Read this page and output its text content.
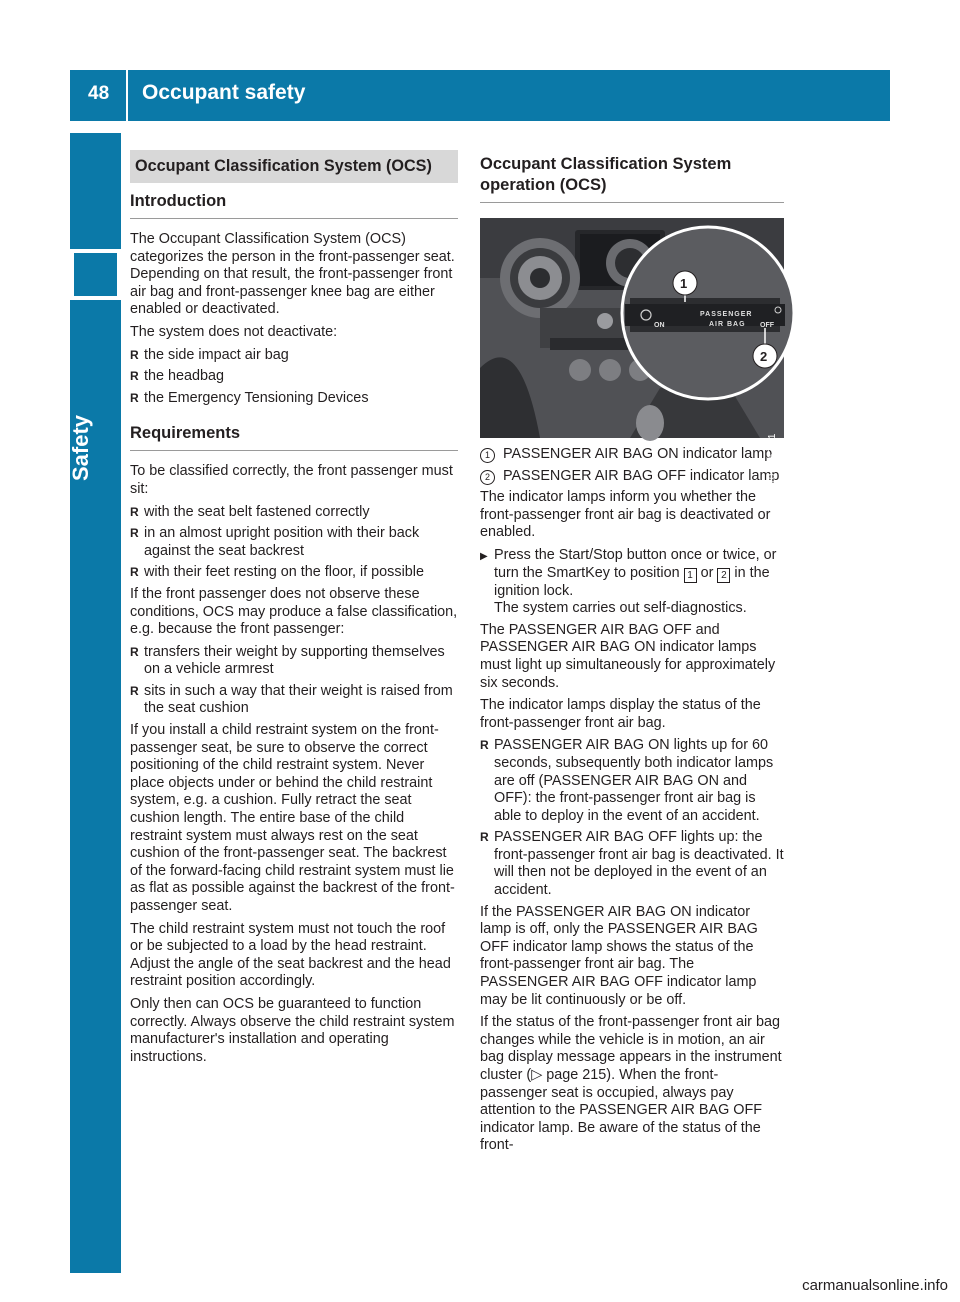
48 Occupant safety
Safety
Occupant Classification System (OCS)
Introduction

The Occupant Classification System (OCS) categorizes the person in the front-passenger seat. Depending on that result, the front-passenger front air bag and front-passenger knee bag are either enabled or deactivated.

The system does not deactivate:

R the side impact air bag
R the headbag
R the Emergency Tensioning Devices
Requirements

To be classified correctly, the front passenger must sit:

R with the seat belt fastened correctly
R in an almost upright position with their back against the seat backrest
R with their feet resting on the floor, if possible

If the front passenger does not observe these conditions, OCS may produce a false classification, e.g. because the front passenger:

R transfers their weight by supporting themselves on a vehicle armrest
R sits in such a way that their weight is raised from the seat cushion

If you install a child restraint system on the front-passenger seat, be sure to observe the correct positioning of the child restraint system. Never place objects under or behind the child restraint system, e.g. a cushion. Fully retract the seat cushion length. The entire base of the child restraint system must always rest on the seat cushion of the front-passenger seat. The backrest of the forward-facing child restraint system must lie as flat as possible against the backrest of the front-passenger seat.

The child restraint system must not touch the roof or be subjected to a load by the head restraint. Adjust the angle of the seat backrest and the head restraint position accordingly.

Only then can OCS be guaranteed to function correctly. Always observe the child restraint system manufacturer's installation and operating instructions.

Occupant Classification System operation (OCS)
1
2
ON
PASSENGER
AIR BAG OFF
P68.10-4862-31
1 PASSENGER AIR BAG ON indicator lamp
2 PASSENGER AIR BAG OFF indicator lamp

The indicator lamps inform you whether the front-passenger front air bag is deactivated or enabled.

▶ Press the Start/Stop button once or twice, or turn the SmartKey to position 1 or 2 in the ignition lock.
The system carries out self-diagnostics.

The PASSENGER AIR BAG OFF and PASSENGER AIR BAG ON indicator lamps must light up simultaneously for approximately six seconds.

The indicator lamps display the status of the front-passenger front air bag.

R PASSENGER AIR BAG ON lights up for 60 seconds, subsequently both indicator lamps are off (PASSENGER AIR BAG ON and OFF): the front-passenger front air bag is able to deploy in the event of an accident.
R PASSENGER AIR BAG OFF lights up: the front-passenger front air bag is deactivated. It will then not be deployed in the event of an accident.

If the PASSENGER AIR BAG ON indicator lamp is off, only the PASSENGER AIR BAG OFF indicator lamp shows the status of the front-passenger front air bag. The PASSENGER AIR BAG OFF indicator lamp may be lit continuously or be off.

If the status of the front-passenger front air bag changes while the vehicle is in motion, an air bag display message appears in the instrument cluster (▷ page 215). When the front-passenger seat is occupied, always pay attention to the PASSENGER AIR BAG OFF indicator lamp. Be aware of the status of the front-

carmanualsonline.info
